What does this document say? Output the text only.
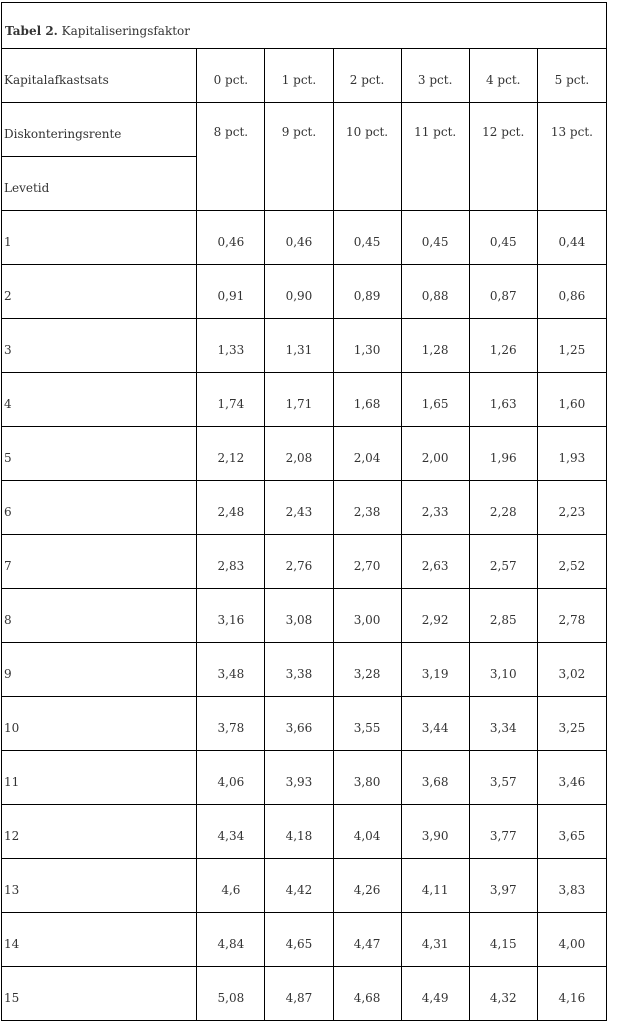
Tabel 2. Kapitaliseringsfaktor						
Kapitalafkastsats	0 pct.	1 pct.	2 pct.	3 pct.	4 pct.	5 pct.
Diskonteringsrente	8 pct.	9 pct.	10 pct.	11 pct.	12 pct.	13 pct.
Levetid						
1	0,46	0,46	0,45	0,45	0,45	0,44
2	0,91	0,90	0,89	0,88	0,87	0,86
3	1,33	1,31	1,30	1,28	1,26	1,25
4	1,74	1,71	1,68	1,65	1,63	1,60
5	2,12	2,08	2,04	2,00	1,96	1,93
6	2,48	2,43	2,38	2,33	2,28	2,23
7	2,83	2,76	2,70	2,63	2,57	2,52
8	3,16	3,08	3,00	2,92	2,85	2,78
9	3,48	3,38	3,28	3,19	3,10	3,02
10	3,78	3,66	3,55	3,44	3,34	3,25
11	4,06	3,93	3,80	3,68	3,57	3,46
12	4,34	4,18	4,04	3,90	3,77	3,65
13	4,6	4,42	4,26	4,11	3,97	3,83
14	4,84	4,65	4,47	4,31	4,15	4,00
15	5,08	4,87	4,68	4,49	4,32	4,16
